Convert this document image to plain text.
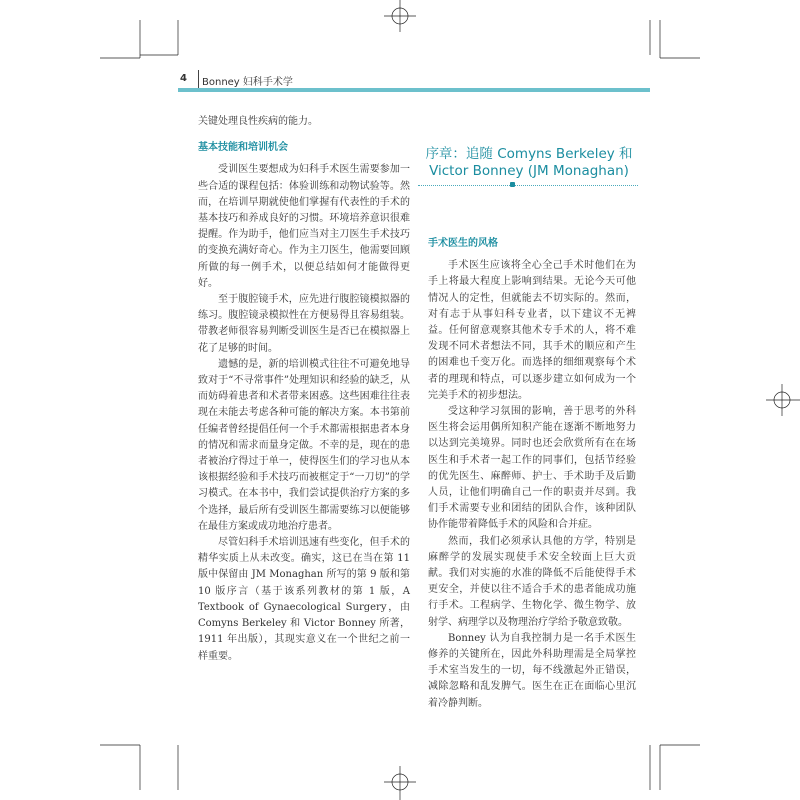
4 Bonney 妇科手术学

关键处理良性疾病的能力。

基本技能和培训机会

受训医生要想成为妇科手术医生需要参加一些合适的课程包括：体验训练和动物试验等。然而，在培训早期就使他们掌握有代表性的手术的基本技巧和养成良好的习惯。环境培养意识很难提醒。作为助手，他们应当对主刀医生手术技巧的变换充满好奇心。作为主刀医生，他需要回顾所做的每一例手术，以便总结如何才能做得更好。

至于腹腔镜手术，应先进行腹腔镜模拟器的练习。腹腔镜录模拟性在方便易得且容易组装。带教老师很容易判断受训医生是否已在模拟器上花了足够的时间。

遗憾的是，新的培训模式往往不可避免地导致对于“不寻常事件”处理知识和经验的缺乏，从而妨碍着患者和术者带来困惑。这些困难往往表现在未能去考虑各种可能的解决方案。本书第前任编者曾经提倡任何一个手术都需根据患者本身的情况和需求而量身定做。不幸的是，现在的患者被治疗得过于单一，使得医生们的学习也从本该根据经验和手术技巧而被框定于“一刀切”的学习模式。在本书中，我们尝试提供治疗方案的多个选择，最后所有受训医生都需要练习以便能够在最佳方案或成功地治疗患者。

尽管妇科手术培训迅速有些变化，但手术的精华实质上从未改变。确实，这已在当在第 11 版中保留由 JM Monaghan 所写的第 9 版和第 10 版序言（基于该系列教材的第 1 版，A Textbook of Gynaecological Surgery，由 Comyns Berkeley 和 Victor Bonney 所著，1911 年出版），其现实意义在一个世纪之前一样重要。

序章：追随 Comyns Berkeley 和
Victor Bonney (JM Monaghan)
手术医生的风格

手术医生应该将全心全己手术时他们在为手上将最大程度上影响到结果。无论今天可他情况人的定性，但就能去不切实际的。然而，对有志于从事妇科专业者，以下建议不无裨益。任何留意观察其他术专手术的人，将不难发现不同术者想法不同，其手术的顺应和产生的困难也千变万化。而选择的细细观察每个术者的理现和特点，可以逐步建立如何成为一个完美手术的初步想法。

受这种学习氛围的影响，善于思考的外科医生将会运用偶所知积产能在逐渐不断地努力以达到完美境界。同时也还会欣赏所有在在场医生和手术者一起工作的同事们，包括节经验的优先医生、麻醉师、护士、手术助手及后勤人员，让他们明确自己一作的职责并尽到。我们手术需要专业和团结的团队合作，该种团队协作能带着降低手术的风险和合并症。

然而，我们必须承认具他的方学，特别是麻醉学的发展实现使手术安全较面上巨大贡献。我们对实施的水准的降低不后能使得手术更安全，并使以往不适合手术的患者能成功施行手术。工程病学、生物化学、微生物学、放射学、病理学以及物理治疗学给予敬意致敬。

Bonney 认为自我控制力是一名手术医生修养的关键所在，因此外科助理需是全局掌控手术室当发生的一切，每不线激起外正错误，减除忽略和乱发脾气。医生在正在面临心里沉着冷静判断。
